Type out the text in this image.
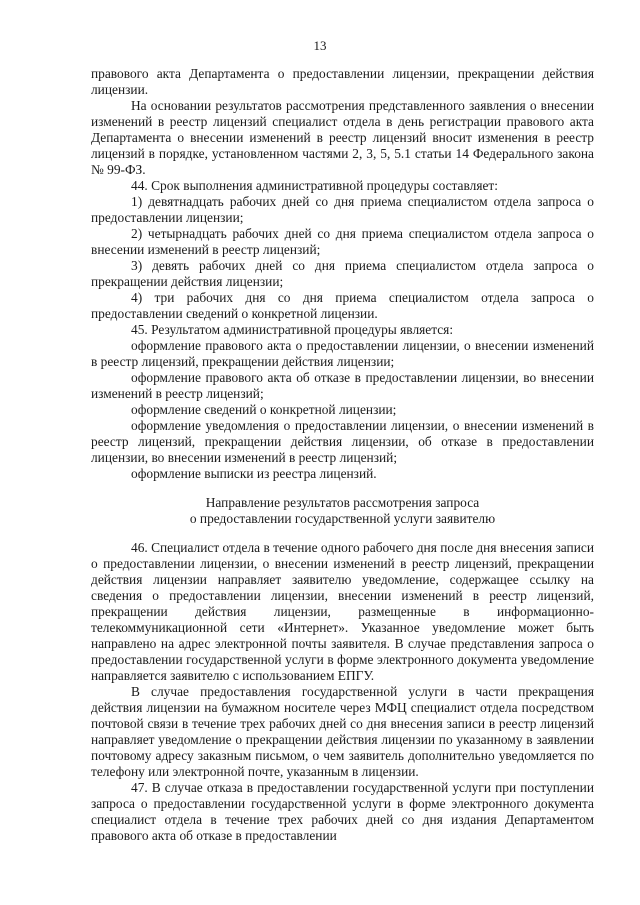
13

правового акта Департамента о предоставлении лицензии, прекращении действия лицензии.

На основании результатов рассмотрения представленного заявления о внесении изменений в реестр лицензий специалист отдела в день регистрации правового акта Департамента о внесении изменений в реестр лицензий вносит изменения в реестр лицензий в порядке, установленном частями 2, 3, 5, 5.1 статьи 14 Федерального закона № 99-ФЗ.

44. Срок выполнения административной процедуры составляет:

1) девятнадцать рабочих дней со дня приема специалистом отдела запроса о предоставлении лицензии;

2) четырнадцать рабочих дней со дня приема специалистом отдела запроса о внесении изменений в реестр лицензий;

3) девять рабочих дней со дня приема специалистом отдела запроса о прекращении действия лицензии;

4) три рабочих дня со дня приема специалистом отдела запроса о предоставлении сведений о конкретной лицензии.

45. Результатом административной процедуры является:

оформление правового акта о предоставлении лицензии, о внесении изменений в реестр лицензий, прекращении действия лицензии;

оформление правового акта об отказе в предоставлении лицензии, во внесении изменений в реестр лицензий;

оформление сведений о конкретной лицензии;

оформление уведомления о предоставлении лицензии, о внесении изменений в реестр лицензий, прекращении действия лицензии, об отказе в предоставлении лицензии, во внесении изменений в реестр лицензий;

оформление выписки из реестра лицензий.

Направление результатов рассмотрения запроса
о предоставлении государственной услуги заявителю

46. Специалист отдела в течение одного рабочего дня после дня внесения записи о предоставлении лицензии, о внесении изменений в реестр лицензий, прекращении действия лицензии направляет заявителю уведомление, содержащее ссылку на сведения о предоставлении лицензии, внесении изменений в реестр лицензий, прекращении действия лицензии, размещенные в информационно-телекоммуникационной сети «Интернет». Указанное уведомление может быть направлено на адрес электронной почты заявителя. В случае представления запроса о предоставлении государственной услуги в форме электронного документа уведомление направляется заявителю с использованием ЕПГУ.

В случае предоставления государственной услуги в части прекращения действия лицензии на бумажном носителе через МФЦ специалист отдела посредством почтовой связи в течение трех рабочих дней со дня внесения записи в реестр лицензий направляет уведомление о прекращении действия лицензии по указанному в заявлении почтовому адресу заказным письмом, о чем заявитель дополнительно уведомляется по телефону или электронной почте, указанным в лицензии.

47. В случае отказа в предоставлении государственной услуги при поступлении запроса о предоставлении государственной услуги в форме электронного документа специалист отдела в течение трех рабочих дней со дня издания Департаментом правового акта об отказе в предоставлении
